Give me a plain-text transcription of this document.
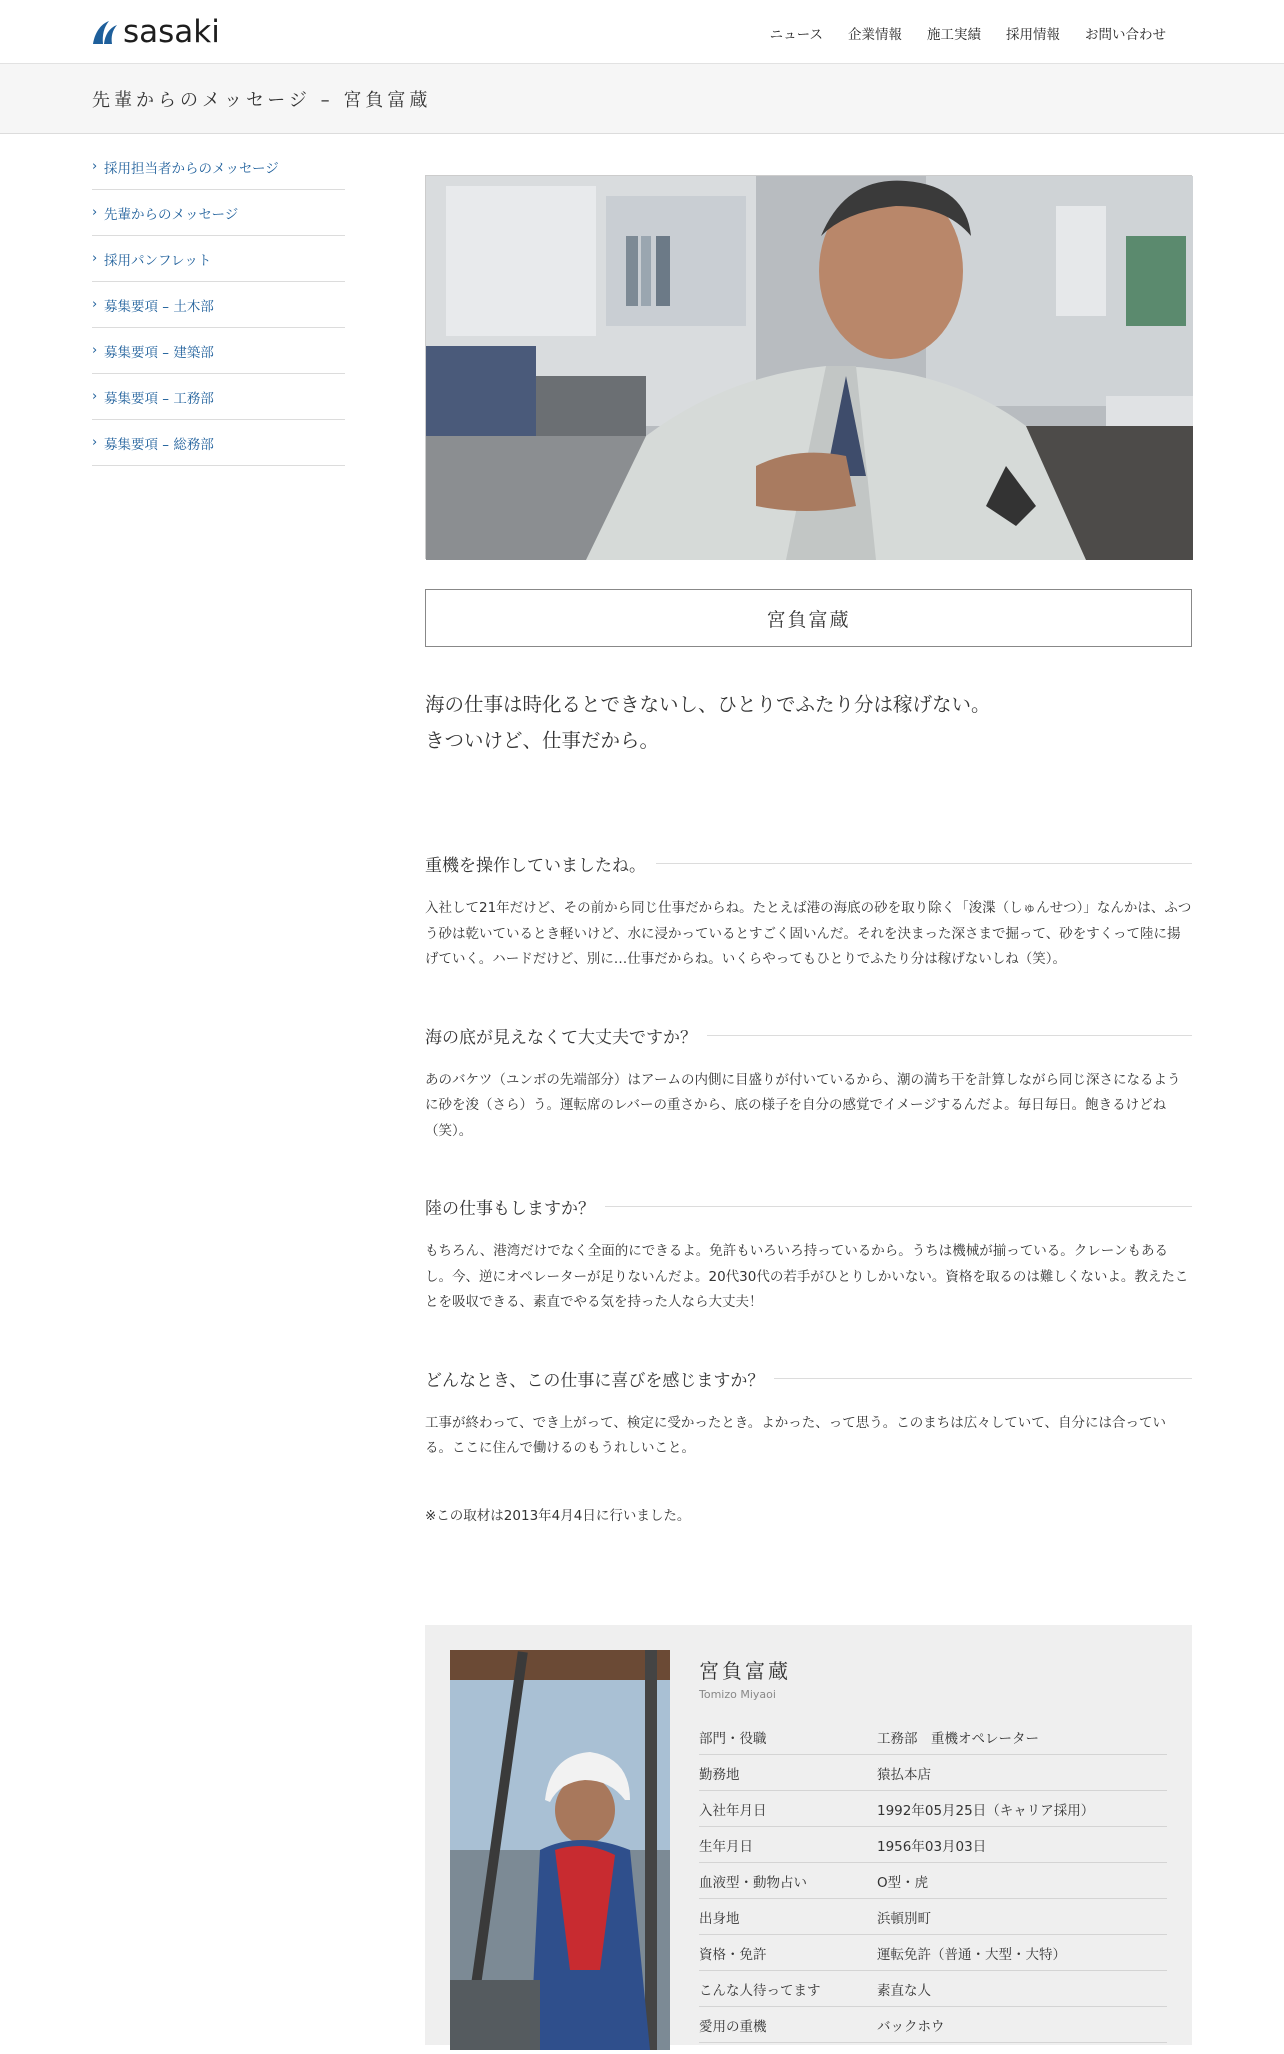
sasaki	ニュース 企業情報 施工実績 採用情報 お問い合わせ
先輩からのメッセージ – 宮負富蔵
› 採用担当者からのメッセージ
› 先輩からのメッセージ
› 採用パンフレット
› 募集要項 – 土木部
› 募集要項 – 建築部
› 募集要項 – 工務部
› 募集要項 – 総務部
宮負富蔵
海の仕事は時化るとできないし、ひとりでふたり分は稼げない。
きついけど、仕事だから。
重機を操作していましたね。

入社して21年だけど、その前から同じ仕事だからね。たとえば港の海底の砂を取り除く「浚渫（しゅんせつ）」なんかは、ふつう砂は乾いているとき軽いけど、水に浸かっているとすごく固いんだ。それを決まった深さまで掘って、砂をすくって陸に揚げていく。ハードだけど、別に…仕事だからね。いくらやってもひとりでふたり分は稼げないしね（笑）。

海の底が見えなくて大丈夫ですか？

あのバケツ（ユンボの先端部分）はアームの内側に目盛りが付いているから、潮の満ち干を計算しながら同じ深さになるように砂を浚（さら）う。運転席のレバーの重さから、底の様子を自分の感覚でイメージするんだよ。毎日毎日。飽きるけどね（笑）。

陸の仕事もしますか？

もちろん、港湾だけでなく全面的にできるよ。免許もいろいろ持っているから。うちは機械が揃っている。クレーンもあるし。今、逆にオペレーターが足りないんだよ。20代30代の若手がひとりしかいない。資格を取るのは難しくないよ。教えたことを吸収できる、素直でやる気を持った人なら大丈夫！

どんなとき、この仕事に喜びを感じますか？

工事が終わって、でき上がって、検定に受かったとき。よかった、って思う。このまちは広々していて、自分には合っている。ここに住んで働けるのもうれしいこと。

※この取材は2013年4月4日に行いました。

宮負富蔵
Tomizo Miyaoi
部門・役職	工務部　重機オペレーター
勤務地	猿払本店
入社年月日	1992年05月25日（キャリア採用）
生年月日	1956年03月03日
血液型・動物占い	O型・虎
出身地	浜頓別町
資格・免許	運転免許（普通・大型・大特）
こんな人待ってます	素直な人
愛用の重機	バックホウ
